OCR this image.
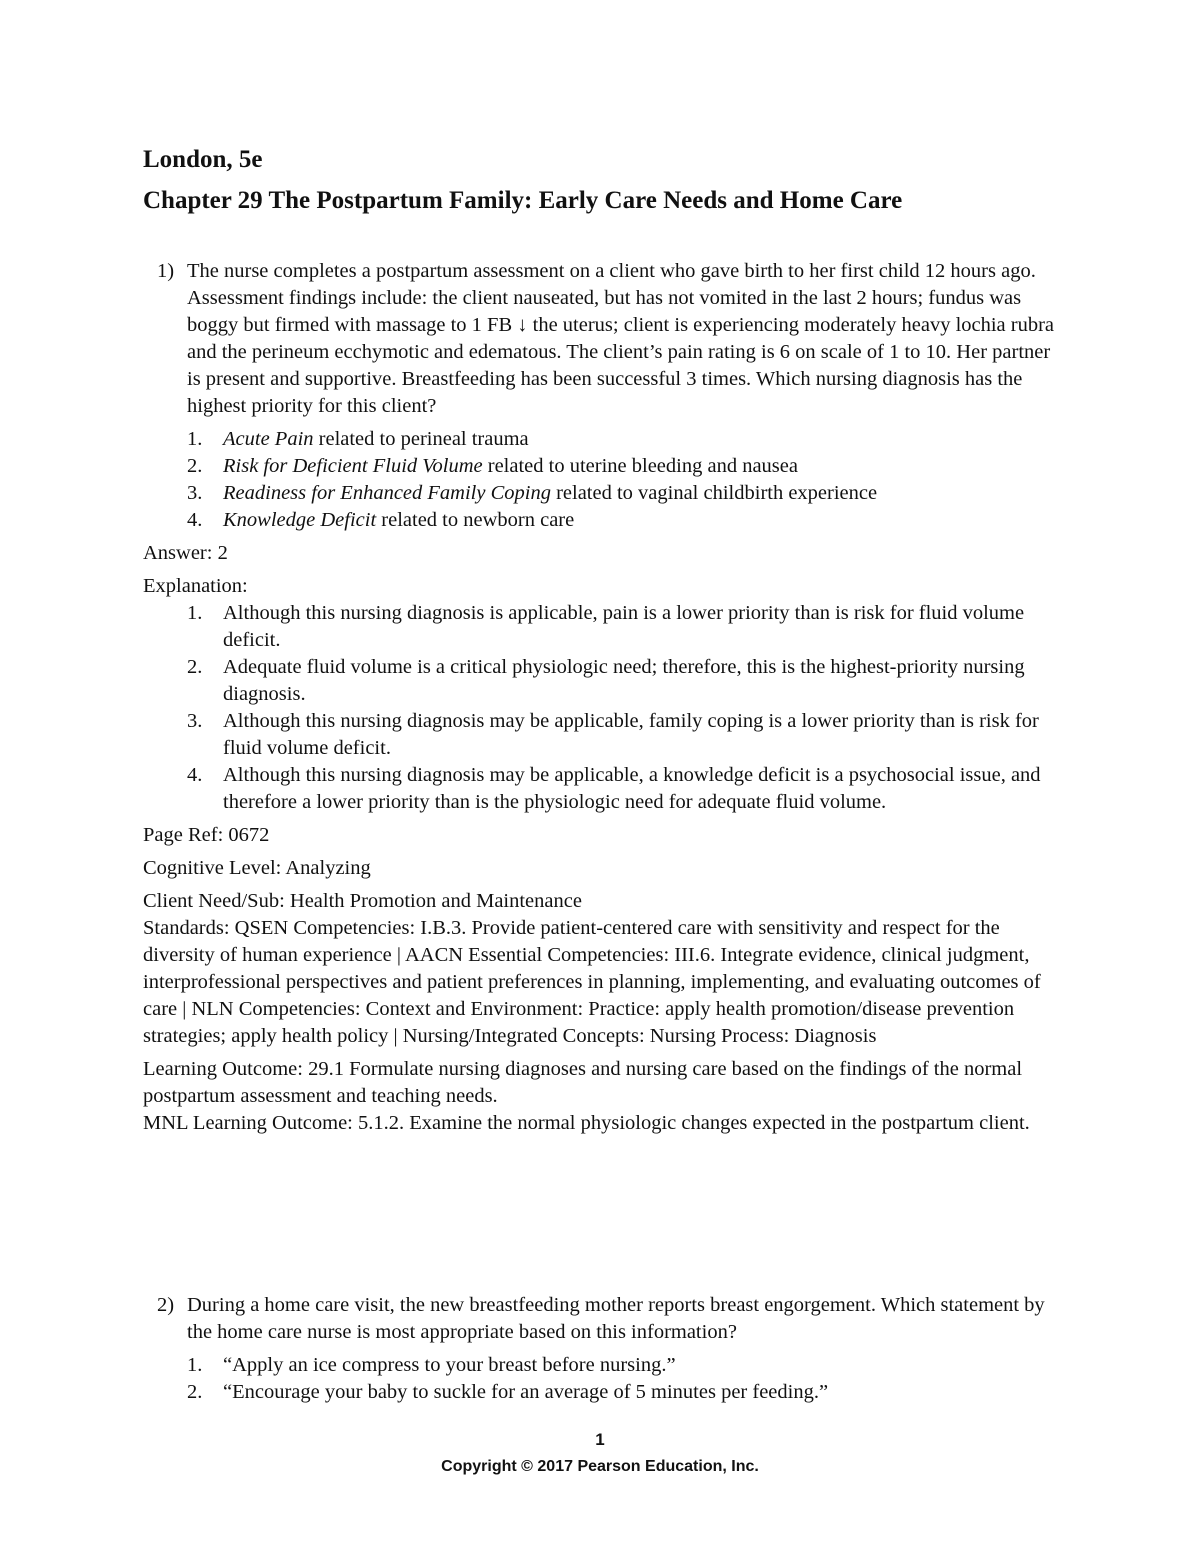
London, 5e

Chapter 29 The Postpartum Family: Early Care Needs and Home Care

1) The nurse completes a postpartum assessment on a client who gave birth to her first child 12 hours ago. Assessment findings include: the client nauseated, but has not vomited in the last 2 hours; fundus was boggy but firmed with massage to 1 FB ↓ the uterus; client is experiencing moderately heavy lochia rubra and the perineum ecchymotic and edematous. The client’s pain rating is 6 on scale of 1 to 10. Her partner is present and supportive. Breastfeeding has been successful 3 times. Which nursing diagnosis has the highest priority for this client?
1. Acute Pain related to perineal trauma
2. Risk for Deficient Fluid Volume related to uterine bleeding and nausea
3. Readiness for Enhanced Family Coping related to vaginal childbirth experience
4. Knowledge Deficit related to newborn care
Answer: 2
Explanation:
1. Although this nursing diagnosis is applicable, pain is a lower priority than is risk for fluid volume deficit.
2. Adequate fluid volume is a critical physiologic need; therefore, this is the highest-priority nursing diagnosis.
3. Although this nursing diagnosis may be applicable, family coping is a lower priority than is risk for fluid volume deficit.
4. Although this nursing diagnosis may be applicable, a knowledge deficit is a psychosocial issue, and therefore a lower priority than is the physiologic need for adequate fluid volume.
Page Ref: 0672
Cognitive Level: Analyzing
Client Need/Sub: Health Promotion and Maintenance
Standards: QSEN Competencies: I.B.3. Provide patient-centered care with sensitivity and respect for the diversity of human experience | AACN Essential Competencies: III.6. Integrate evidence, clinical judgment, interprofessional perspectives and patient preferences in planning, implementing, and evaluating outcomes of care | NLN Competencies: Context and Environment: Practice: apply health promotion/disease prevention strategies; apply health policy | Nursing/Integrated Concepts: Nursing Process: Diagnosis
Learning Outcome: 29.1 Formulate nursing diagnoses and nursing care based on the findings of the normal postpartum assessment and teaching needs.
MNL Learning Outcome: 5.1.2. Examine the normal physiologic changes expected in the postpartum client.
2) During a home care visit, the new breastfeeding mother reports breast engorgement. Which statement by the home care nurse is most appropriate based on this information?
1. “Apply an ice compress to your breast before nursing.”
2. “Encourage your baby to suckle for an average of 5 minutes per feeding.”
1
Copyright © 2017 Pearson Education, Inc.
